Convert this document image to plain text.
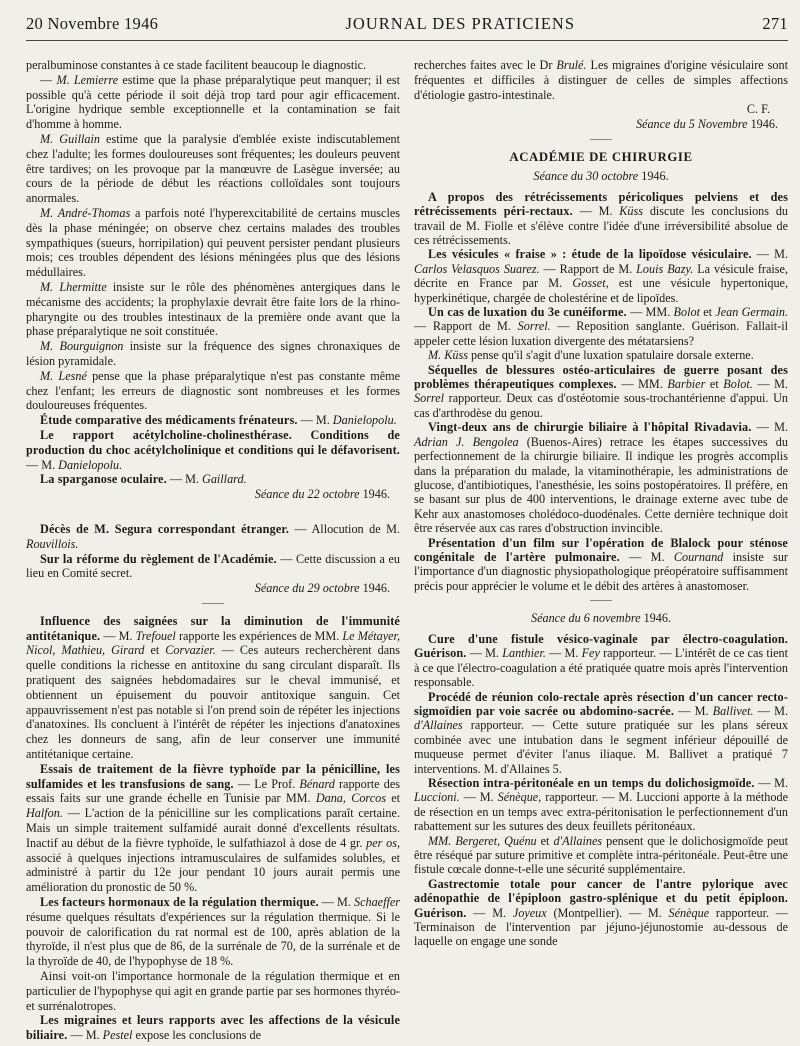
20 Novembre 1946	JOURNAL DES PRATICIENS	271

peralbuminose constantes à ce stade facilitent beaucoup le diagnostic.

— M. Lemierre estime que la phase préparalytique peut manquer; il est possible qu'à cette période il soit déjà trop tard pour agir efficacement. L'origine hydrique semble exceptionnelle et la contamination se fait d'homme à homme.

M. Guillain estime que la paralysie d'emblée existe indiscutablement chez l'adulte; les formes douloureuses sont fréquentes; les douleurs peuvent être tardives; on les provoque par la manœuvre de Lasègue inversée; au cours de la période de début les réactions colloïdales sont toujours anormales.

M. André-Thomas a parfois noté l'hyperexcitabilité de certains muscles dès la phase méningée; on observe chez certains malades des troubles sympathiques (sueurs, horripilation) qui peuvent persister pendant plusieurs mois; ces troubles dépendent des lésions méningées plus que des lésions médullaires.

M. Lhermitte insiste sur le rôle des phénomènes antergiques dans le mécanisme des accidents; la prophylaxie devrait être faite lors de la rhino-pharyngite ou des troubles intestinaux de la première onde avant que la phase préparalytique ne soit constituée.

M. Bourguignon insiste sur la fréquence des signes chronaxiques de lésion pyramidale.

M. Lesné pense que la phase préparalytique n'est pas constante même chez l'enfant; les erreurs de diagnostic sont nombreuses et les formes douloureuses fréquentes.

Étude comparative des médicaments frénateurs. — M. Danielopolu.

Le rapport acétylcholine-cholinesthérase. Conditions de production du choc acétylcholinique et conditions qui le défavorisent. — M. Danielopolu.

La sparganose oculaire. — M. Gaillard.

Séance du 22 octobre 1946.

Décès de M. Segura correspondant étranger. — Allocution de M. Rouvillois.

Sur la réforme du règlement de l'Académie. — Cette discussion a eu lieu en Comité secret.

Séance du 29 octobre 1946.

Influence des saignées sur la diminution de l'immunité antitétanique. — M. Trefouel rapporte les expériences de MM. Le Métayer, Nicol, Mathieu, Girard et Corvazier. — Ces auteurs recherchèrent dans quelle conditions la richesse en antitoxine du sang circulant disparaît. Ils pratiquent des saignées hebdomadaires sur le cheval immunisé, et obtiennent un épuisement du pouvoir antitoxique sanguin. Cet appauvrissement n'est pas notable si l'on prend soin de répéter les injections d'anatoxines. Ils concluent à l'intérêt de répéter les injections d'anatoxines chez les donneurs de sang, afin de leur conserver une immunité antitétanique certaine.

Essais de traitement de la fièvre typhoïde par la pénicilline, les sulfamides et les transfusions de sang. — Le Prof. Bénard rapporte des essais faits sur une grande échelle en Tunisie par MM. Dana, Corcos et Halfon. — L'action de la pénicilline sur les complications paraît certaine. Mais un simple traitement sulfamidé aurait donné d'excellents résultats. Inactif au début de la fièvre typhoïde, le sulfathiazol à dose de 4 gr. per os, associé à quelques injections intramusculaires de sulfamides solubles, et administré à partir du 12e jour pendant 10 jours aurait permis une amélioration du pronostic de 50 %.

Les facteurs hormonaux de la régulation thermique. — M. Schaeffer résume quelques résultats d'expériences sur la régulation thermique. Si le pouvoir de calorification du rat normal est de 100, après ablation de la thyroïde, il n'est plus que de 86, de la surrénale de 70, de la surrénale et de la thyroïde de 40, de l'hypophyse de 18 %.

Ainsi voit-on l'importance hormonale de la régulation thermique et en particulier de l'hypophyse qui agit en grande partie par ses hormones thyréo-et surrénalotropes.

Les migraines et leurs rapports avec les affections de la vésicule biliaire. — M. Pestel expose les conclusions de

recherches faites avec le Dr Brulé. Les migraines d'origine vésiculaire sont fréquentes et difficiles à distinguer de celles de simples affections d'étiologie gastro-intestinale.

C. F.

Séance du 5 Novembre 1946.

ACADÉMIE DE CHIRURGIE

Séance du 30 octobre 1946.

A propos des rétrécissements péricoliques pelviens et des rétrécissements péri-rectaux. — M. Küss discute les conclusions du travail de M. Fiolle et s'élève contre l'idée d'une irréversibilité absolue de ces rétrécissements.

Les vésicules « fraise » : étude de la lipoïdose vésiculaire. — M. Carlos Velasquos Suarez. — Rapport de M. Louis Bazy. La vésicule fraise, décrite en France par M. Gosset, est une vésicule hypertonique, hyperkinétique, chargée de cholestérine et de lipoïdes.

Un cas de luxation du 3e cunéiforme. — MM. Bolot et Jean Germain. — Rapport de M. Sorrel. — Reposition sanglante. Guérison. Fallait-il appeler cette lésion luxation divergente des métatarsiens?

M. Küss pense qu'il s'agit d'une luxation spatulaire dorsale externe.

Séquelles de blessures ostéo-articulaires de guerre posant des problèmes thérapeutiques complexes. — MM. Barbier et Bolot. — M. Sorrel rapporteur. Deux cas d'ostéotomie sous-trochantérienne d'appui. Un cas d'arthrodèse du genou.

Vingt-deux ans de chirurgie biliaire à l'hôpital Rivadavia. — M. Adrian J. Bengolea (Buenos-Aires) retrace les étapes successives du perfectionnement de la chirurgie biliaire. Il indique les progrès accomplis dans la préparation du malade, la vitaminothérapie, les administrations de glucose, d'antibiotiques, l'anesthésie, les soins postopératoires. Il préfère, en se basant sur plus de 400 interventions, le drainage externe avec tube de Kehr aux anastomoses cholédoco-duodénales. Cette dernière technique doit être réservée aux cas rares d'obstruction invincible.

Présentation d'un film sur l'opération de Blalock pour sténose congénitale de l'artère pulmonaire. — M. Cournand insiste sur l'importance d'un diagnostic physiopathologique préopératoire suffisamment précis pour apprécier le volume et le débit des artères à anastomoser.

Séance du 6 novembre 1946.

Cure d'une fistule vésico-vaginale par électro-coagulation. Guérison. — M. Lanthier. — M. Fey rapporteur. — L'intérêt de ce cas tient à ce que l'électro-coagulation a été pratiquée quatre mois après l'intervention responsable.

Procédé de réunion colo-rectale après résection d'un cancer recto-sigmoïdien par voie sacrée ou abdomino-sacrée. — M. Ballivet. — M. d'Allaines rapporteur. — Cette suture pratiquée sur les plans séreux combinée avec une intubation dans le segment inférieur dépouillé de muqueuse permet d'éviter l'anus iliaque. M. Ballivet a pratiqué 7 interventions. M. d'Allaines 5.

Résection intra-péritonéale en un temps du dolichosigmoïde. — M. Luccioni. — M. Sénèque, rapporteur. — M. Luccioni apporte à la méthode de résection en un temps avec extra-péritonisation le perfectionnement d'un rabattement sur les sutures des deux feuillets péritonéaux.

MM. Bergeret, Quénu et d'Allaines pensent que le dolichosigmoïde peut être réséqué par suture primitive et complète intra-péritonéale. Peut-être une fistule cœcale donne-t-elle une sécurité supplémentaire.

Gastrectomie totale pour cancer de l'antre pylorique avec adénopathie de l'épiploon gastro-splénique et du petit épiploon. Guérison. — M. Joyeux (Montpellier). — M. Sénèque rapporteur. — Terminaison de l'intervention par jéjuno-jéjunostomie au-dessous de laquelle on engage une sonde
